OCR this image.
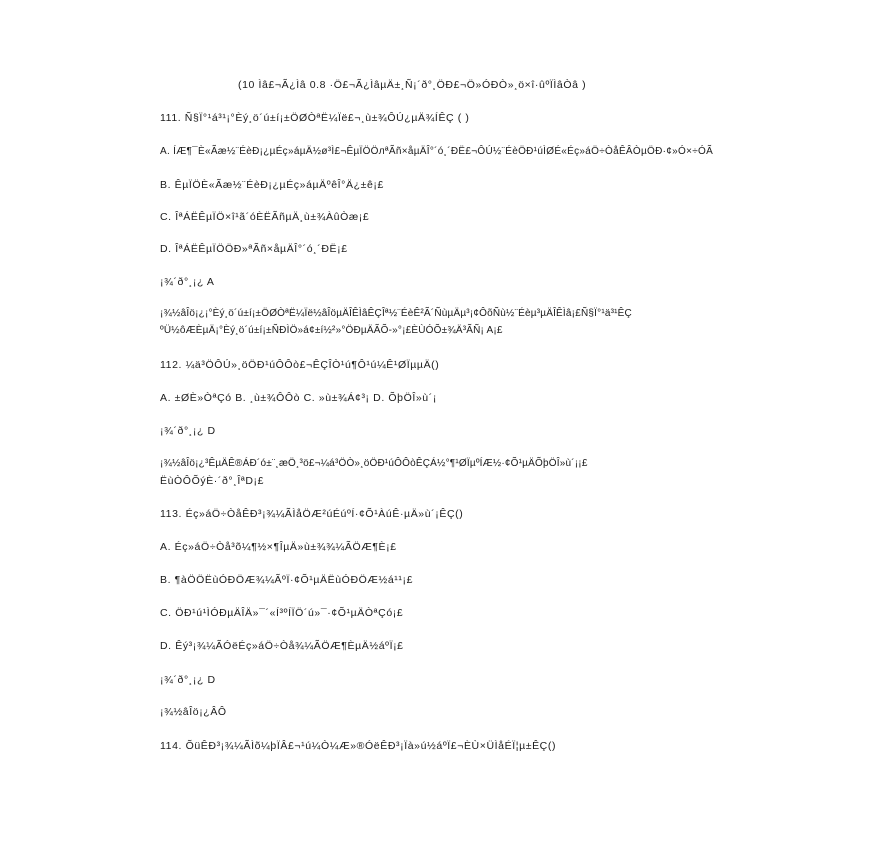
(10 Ìâ£¬Ã¿Ìâ 0.8 ·Ö£¬Ã¿ÌâµÄ±¸Ñ¡´ð°¸ÖÐ£¬Ö»ÓÐÒ»¸ö×î·ûºÏÌâÒâ )
111. Ñ§Ï°¹á³¹¡°Èý¸ö´ú±í¡±ÖØÒªË¼Ïë£¬¸ù±¾ÔÚ¿µÄ¾ÍÊÇ ( )
A. ÍÆ¶¯È«Ãæ½¨ÉèÐ¡¿µÉç»áµÄ½ø³Ì£¬ÊµÏÖÖлªÃñ×åµÄÎ°´ó¸´ÐË£¬ÔÚ½¨ÉèÖÐ¹úÌØÉ«Éç»áÖ÷ÒåÊÂÒµÖÐ·¢»Ó×÷ÓÃ
B. ÊµÏÖÈ«Ãæ½¨ÉèÐ¡¿µÉç»áµÄºêÎ°Ä¿±ê¡£
C. ÎªÁËÊµÏÖ×î¹ã´óÈËÃñµÄ¸ù±¾ÀûÒæ¡£
D. ÎªÁËÊµÏÖÖÐ»ªÃñ×åµÄÎ°´ó¸´ÐË¡£
¡¾´ð°¸¡¿ A
¡¾½âÎö¡¿¡°Èý¸ö´ú±í¡±ÖØÒªË¼Ïë½âÎöµÄÎÊÌâÊÇÎª½¨ÉèÊ²Ã´ÑùµÄµ³¡¢ÔõÑù½¨Éèµ³µÄÎÊÌâ¡£Ñ§Ï°¹ä³¹ÊÇ
ºÜ½ôÆÈµÄ¡°Èý¸ö´ú±í¡±ÑÐÌÖ»á¢±í½²»°ÖÐµÄÃÕ-»°¡£ÈÙÓÕ±¾Ä³ÃÑ¡ A¡£
112. ¼ä³ÖÔÚ»¸öÖÐ¹úÔÔò£¬ÊÇÎÒ¹ú¶Ô¹ú¼Ê¹ØÏµµÄ()
A. ±ØÈ»ÒªÇó B. ¸ù±¾ÔÔò C. »ù±¾Á¢³¡ D. ÕþÖÎ»ù´¡
¡¾´ð°¸¡¿ D
¡¾½âÎö¡¿³ÊµÄÊ®ÁÐ´ó±¨¸æÖ¸³ö£¬¼á³ÖÒ»¸öÖÐ¹úÔÔòÊÇÁ½°¶¹ØÏµºÍÆ½·¢Õ¹µÄÕþÖÎ»ù´¡¡£
ËùÒÔÕýÈ·´ð°¸ÎªD¡£
113. Éç»áÖ÷ÒåÊÐ³¡¾¼ÃÌåÖÆ²úÉúºÍ·¢Õ¹ÀúÊ·µÄ»ù´¡ÊÇ()
A. Éç»áÖ÷Òå³õ¼¶½×¶ÎµÄ»ù±¾¾¼ÃÖÆ¶È¡£
B. ¶àÖÖËùÓÐÖÆ¾¼ÃºÏ·¢Õ¹µÄËùÓÐÖÆ½á¹¹¡£
C. ÖÐ¹ú¹ÌÓÐµÄÎÄ»¯´«Í³ºÍÏÖ´ú»¯·¢Õ¹µÄÒªÇó¡£
D. Êý³¡¾¼ÃÓëÉç»áÖ÷Òå¾¼ÃÖÆ¶ÈµÄ½áºÏ¡£
¡¾´ð°¸¡¿ D
¡¾½âÎö¡¿ÂÔ
114. ÕüÊÐ³¡¾¼ÃÌõ¼þÏÂ£¬¹ú¼Ò¼Æ»®ÓëÊÐ³¡Ïà»ú½áºÏ£¬ÈÙ×ÜÌåÉÏ¦µ±ÊÇ()
